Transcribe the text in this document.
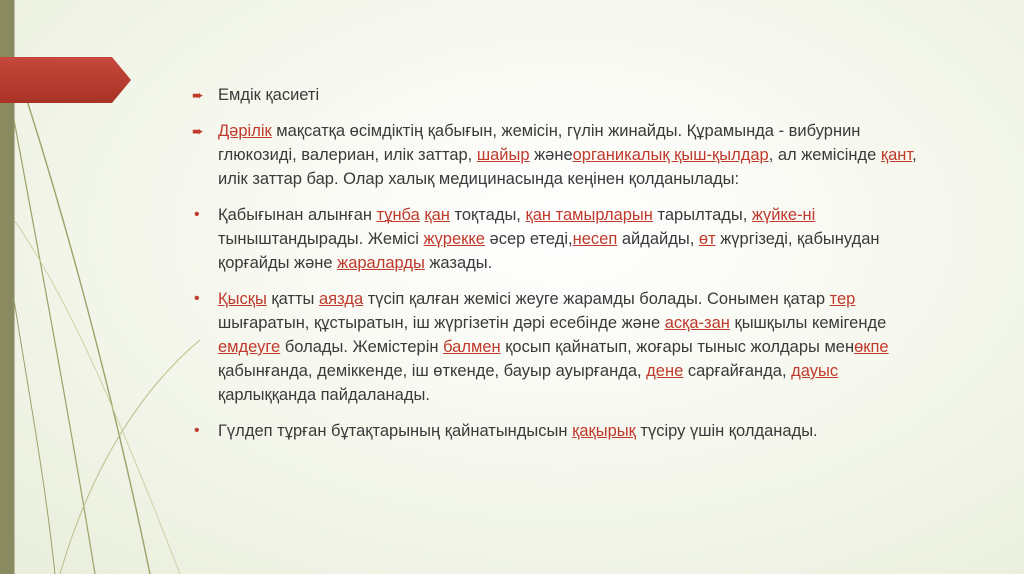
➨ Емдік қасиеті

➨ Дәрілік мақсатқа өсімдіктің қабығын, жемісін, гүлін жинайды. Құрамында - вибурнин глюкозиді, валериан, илік заттар, шайыр жәнеорганикалық қыш-қылдар, ал жемісінде қант, илік заттар бар. Олар халық медицинасында кеңінен қолданылады:

• Қабығынан алынған тұнба қан тоқтады, қан тамырларын тарылтады, жүйке-ні тыныштандырады. Жемісі жүрекке әсер етеді,несеп айдайды, өт жүргізеді, қабынудан қорғайды және жараларды жазады.

• Қысқы қатты аязда түсіп қалған жемісі жеуге жарамды болады. Сонымен қатар тер шығаратын, құстыратын, іш жүргізетін дәрі есебінде және асқа-зан қышқылы кемігенде емдеуге болады. Жемістерін балмен қосып қайнатып, жоғары тыныс жолдары менөкпе қабынғанда, деміккенде, іш өткенде, бауыр ауырғанда, дене сарғайғанда, дауыс қарлыққанда пайдаланады.

• Гүлдеп тұрған бұтақтарының қайнатындысын қақырық түсіру үшін қолданады.
